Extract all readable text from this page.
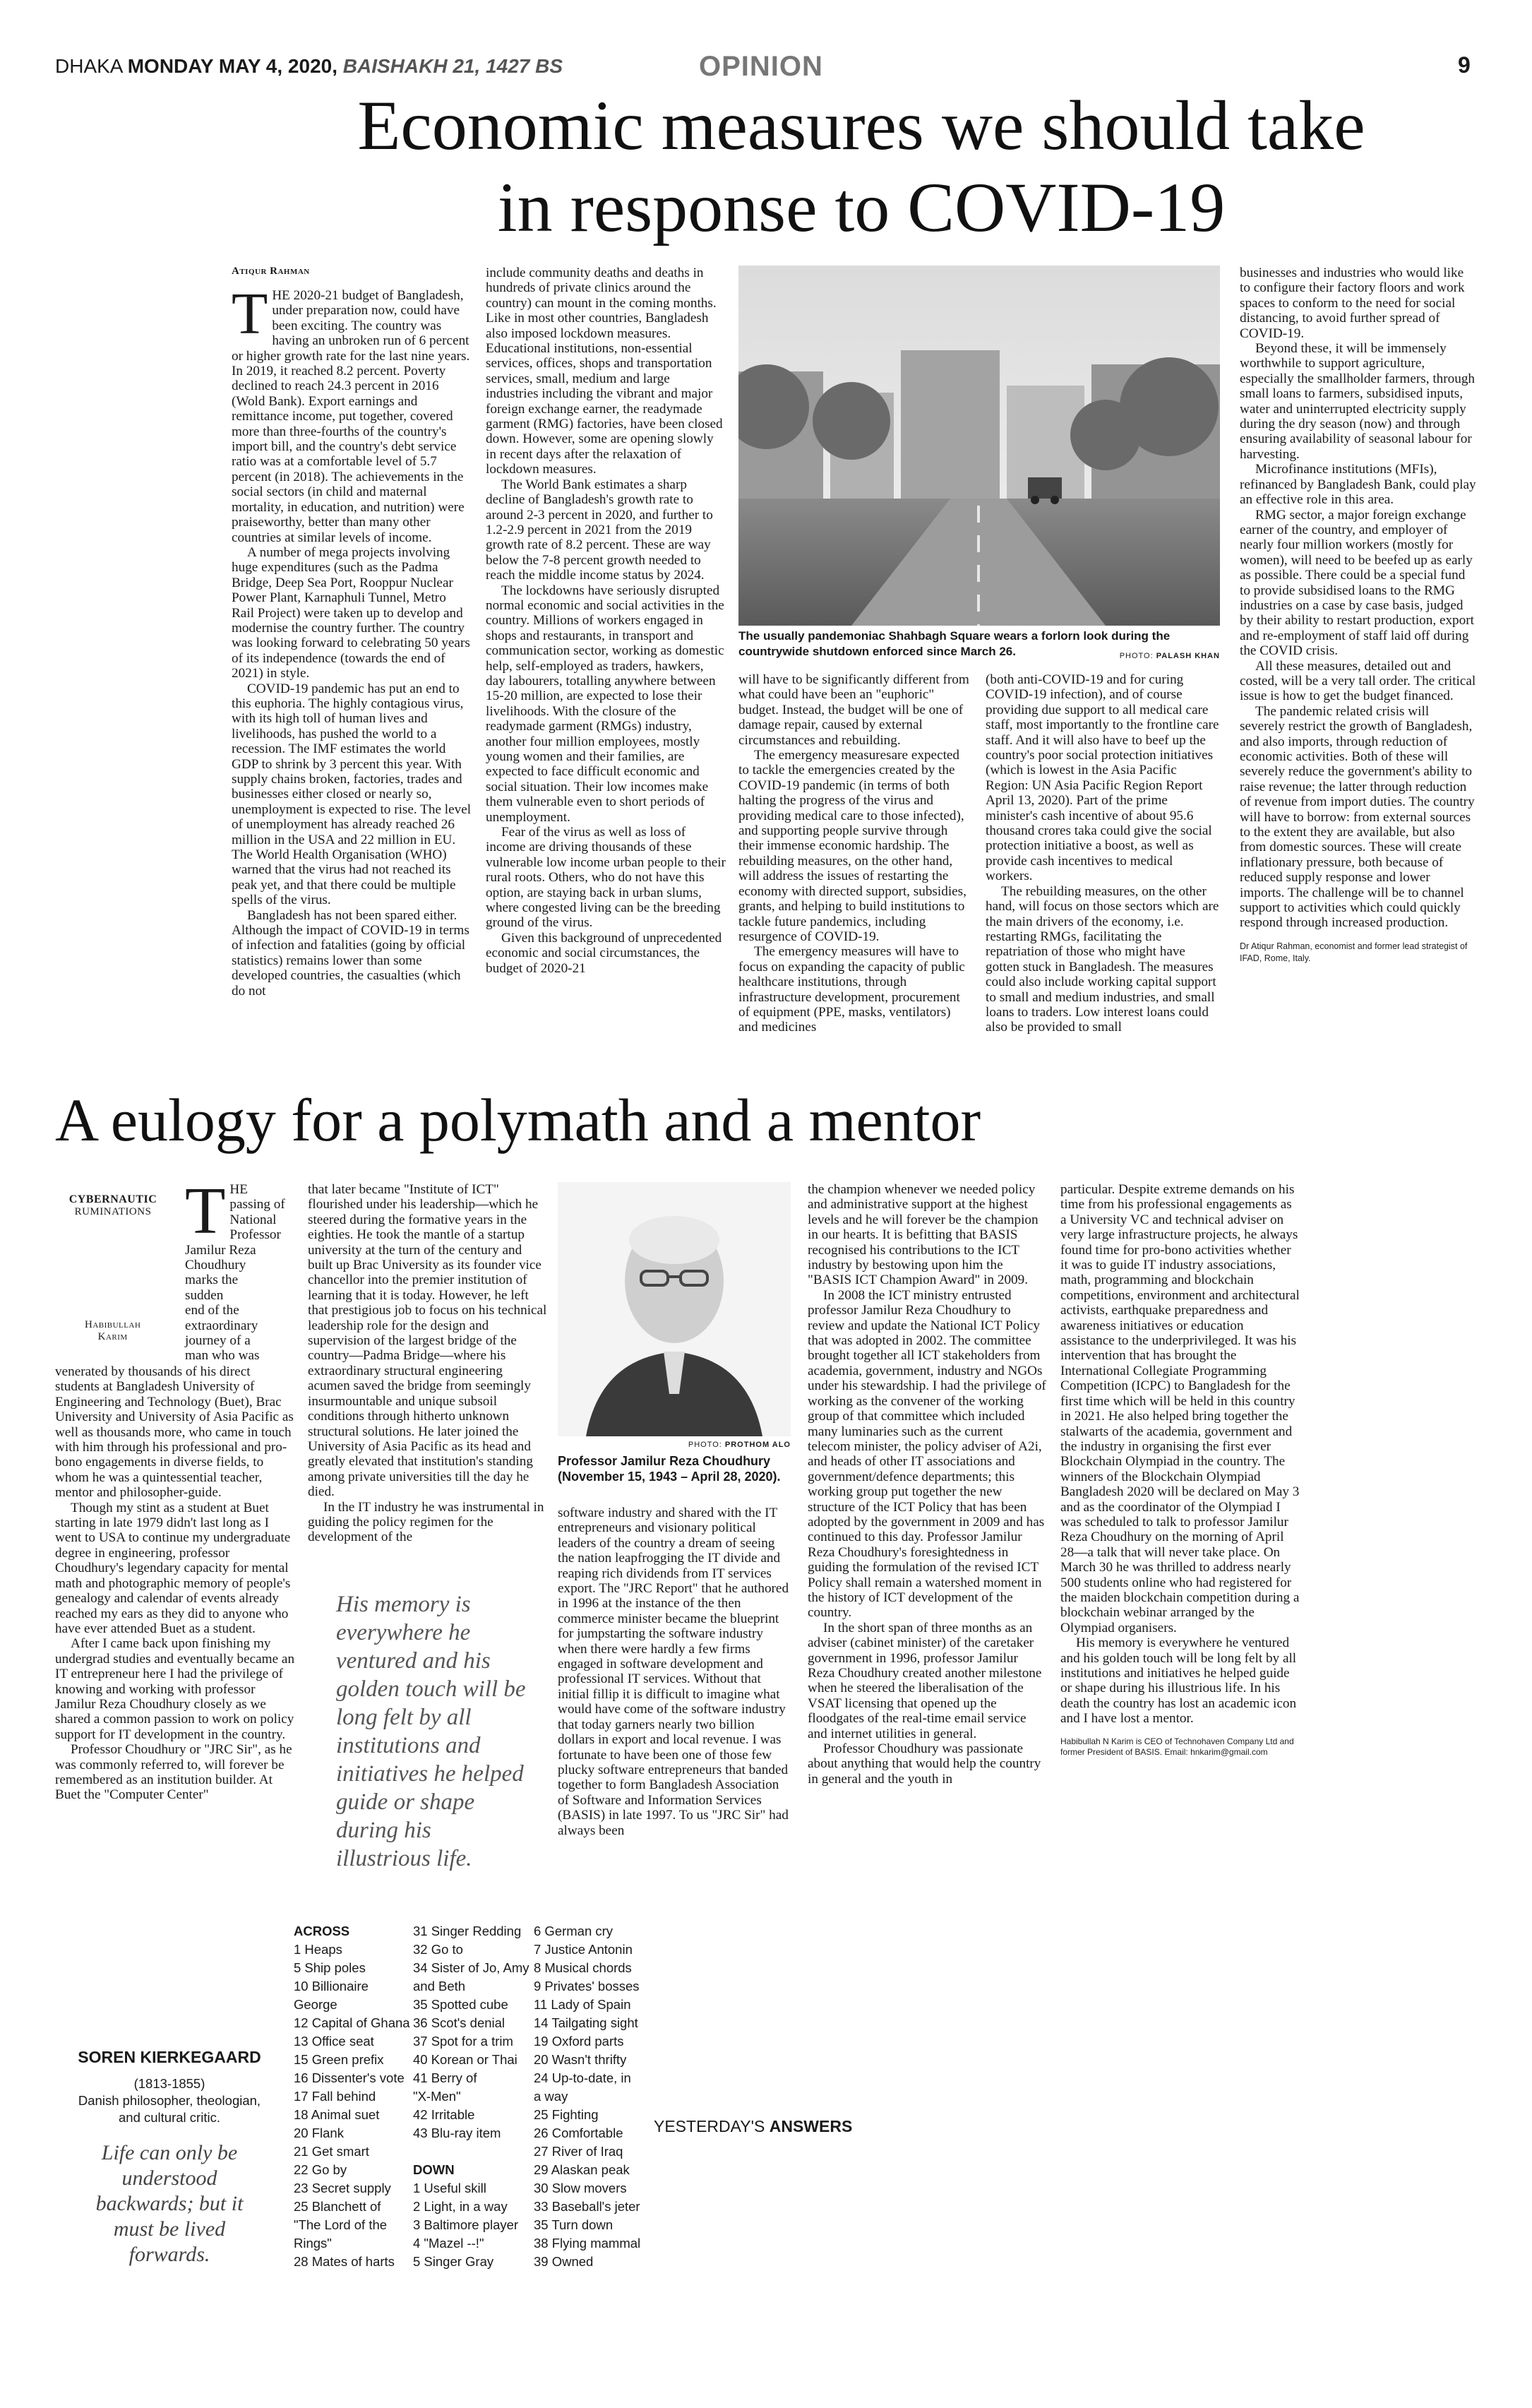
DHAKA MONDAY MAY 4, 2020, BAISHAKH 21, 1427 BS	OPINION	9
Economic measures we should take
in response to COVID-19
Atiqur Rahman

THE 2020-21 budget of Bangladesh, under preparation now, could have been exciting. The country was having an unbroken run of 6 percent or higher growth rate for the last nine years. In 2019, it reached 8.2 percent. Poverty declined to reach 24.3 percent in 2016 (Wold Bank). Export earnings and remittance income, put together, covered more than three-fourths of the country's import bill, and the country's debt service ratio was at a comfortable level of 5.7 percent (in 2018). The achievements in the social sectors (in child and maternal mortality, in education, and nutrition) were praiseworthy, better than many other countries at similar levels of income.

A number of mega projects involving huge expenditures (such as the Padma Bridge, Deep Sea Port, Rooppur Nuclear Power Plant, Karnaphuli Tunnel, Metro Rail Project) were taken up to develop and modernise the country further. The country was looking forward to celebrating 50 years of its independence (towards the end of 2021) in style.

COVID-19 pandemic has put an end to this euphoria. The highly contagious virus, with its high toll of human lives and livelihoods, has pushed the world to a recession. The IMF estimates the world GDP to shrink by 3 percent this year. With supply chains broken, factories, trades and businesses either closed or nearly so, unemployment is expected to rise. The level of unemployment has already reached 26 million in the USA and 22 million in EU. The World Health Organisation (WHO) warned that the virus had not reached its peak yet, and that there could be multiple spells of the virus.

Bangladesh has not been spared either. Although the impact of COVID-19 in terms of infection and fatalities (going by official statistics) remains lower than some developed countries, the casualties (which do not

include community deaths and deaths in hundreds of private clinics around the country) can mount in the coming months. Like in most other countries, Bangladesh also imposed lockdown measures. Educational institutions, non-essential services, offices, shops and transportation services, small, medium and large industries including the vibrant and major foreign exchange earner, the readymade garment (RMG) factories, have been closed down. However, some are opening slowly in recent days after the relaxation of lockdown measures.

The World Bank estimates a sharp decline of Bangladesh's growth rate to around 2-3 percent in 2020, and further to 1.2-2.9 percent in 2021 from the 2019 growth rate of 8.2 percent. These are way below the 7-8 percent growth needed to reach the middle income status by 2024.

The lockdowns have seriously disrupted normal economic and social activities in the country. Millions of workers engaged in shops and restaurants, in transport and communication sector, working as domestic help, self-employed as traders, hawkers, day labourers, totalling anywhere between 15-20 million, are expected to lose their livelihoods. With the closure of the readymade garment (RMGs) industry, another four million employees, mostly young women and their families, are expected to face difficult economic and social situation. Their low incomes make them vulnerable even to short periods of unemployment.

Fear of the virus as well as loss of income are driving thousands of these vulnerable low income urban people to their rural roots. Others, who do not have this option, are staying back in urban slums, where congested living can be the breeding ground of the virus.

Given this background of unprecedented economic and social circumstances, the budget of 2020-21

The usually pandemoniac Shahbagh Square wears a forlorn look during the countrywide shutdown enforced since March 26.	PHOTO: PALASH KHAN

will have to be significantly different from what could have been an "euphoric" budget. Instead, the budget will be one of damage repair, caused by external circumstances and rebuilding.

The emergency measuresare expected to tackle the emergencies created by the COVID-19 pandemic (in terms of both halting the progress of the virus and providing medical care to those infected), and supporting people survive through their immense economic hardship. The rebuilding measures, on the other hand, will address the issues of restarting the economy with directed support, subsidies, grants, and helping to build institutions to tackle future pandemics, including resurgence of COVID-19.

The emergency measures will have to focus on expanding the capacity of public healthcare institutions, through infrastructure development, procurement of equipment (PPE, masks, ventilators) and medicines

(both anti-COVID-19 and for curing COVID-19 infection), and of course providing due support to all medical care staff, most importantly to the frontline care staff. And it will also have to beef up the country's poor social protection initiatives (which is lowest in the Asia Pacific Region: UN Asia Pacific Region Report April 13, 2020). Part of the prime minister's cash incentive of about 95.6 thousand crores taka could give the social protection initiative a boost, as well as provide cash incentives to medical workers.

The rebuilding measures, on the other hand, will focus on those sectors which are the main drivers of the economy, i.e. restarting RMGs, facilitating the repatriation of those who might have gotten stuck in Bangladesh. The measures could also include working capital support to small and medium industries, and small loans to traders. Low interest loans could also be provided to small

businesses and industries who would like to configure their factory floors and work spaces to conform to the need for social distancing, to avoid further spread of COVID-19.

Beyond these, it will be immensely worthwhile to support agriculture, especially the smallholder farmers, through small loans to farmers, subsidised inputs, water and uninterrupted electricity supply during the dry season (now) and through ensuring availability of seasonal labour for harvesting.

Microfinance institutions (MFIs), refinanced by Bangladesh Bank, could play an effective role in this area.

RMG sector, a major foreign exchange earner of the country, and employer of nearly four million workers (mostly for women), will need to be beefed up as early as possible. There could be a special fund to provide subsidised loans to the RMG industries on a case by case basis, judged by their ability to restart production, export and re-employment of staff laid off during the COVID crisis.

All these measures, detailed out and costed, will be a very tall order. The critical issue is how to get the budget financed.

The pandemic related crisis will severely restrict the growth of Bangladesh, and also imports, through reduction of economic activities. Both of these will severely reduce the government's ability to raise revenue; the latter through reduction of revenue from import duties. The country will have to borrow: from external sources to the extent they are available, but also from domestic sources. These will create inflationary pressure, both because of reduced supply response and lower imports. The challenge will be to channel support to activities which could quickly respond through increased production.

Dr Atiqur Rahman, economist and former lead strategist of IFAD, Rome, Italy.
A eulogy for a polymath and a mentor
CYBERNAUTIC
RUMINATIONS
Habibullah
Karim
T HE
passing of
National
Professor
Jamilur Reza
Choudhury
marks the
sudden
end of the
extraordinary
journey of a
man who was

venerated by thousands of his direct students at Bangladesh University of Engineering and Technology (Buet), Brac University and University of Asia Pacific as well as thousands more, who came in touch with him through his professional and pro-bono engagements in diverse fields, to whom he was a quintessential teacher, mentor and philosopher-guide.

Though my stint as a student at Buet starting in late 1979 didn't last long as I went to USA to continue my undergraduate degree in engineering, professor Choudhury's legendary capacity for mental math and photographic memory of people's genealogy and calendar of events already reached my ears as they did to anyone who have ever attended Buet as a student.

After I came back upon finishing my undergrad studies and eventually became an IT entrepreneur here I had the privilege of knowing and working with professor Jamilur Reza Choudhury closely as we shared a common passion to work on policy support for IT development in the country.

Professor Choudhury or "JRC Sir", as he was commonly referred to, will forever be remembered as an institution builder. At Buet the "Computer Center"

that later became "Institute of ICT" flourished under his leadership—which he steered during the formative years in the eighties. He took the mantle of a startup university at the turn of the century and built up Brac University as its founder vice chancellor into the premier institution of learning that it is today. However, he left that prestigious job to focus on his technical leadership role for the design and supervision of the largest bridge of the country—Padma Bridge—where his extraordinary structural engineering acumen saved the bridge from seemingly insurmountable and unique subsoil conditions through hitherto unknown structural solutions. He later joined the University of Asia Pacific as its head and greatly elevated that institution's standing among private universities till the day he died.

In the IT industry he was instrumental in guiding the policy regimen for the development of the

His memory is everywhere he ventured and his golden touch will be long felt by all institutions and initiatives he helped guide or shape during his illustrious life.
PHOTO: PROTHOM ALO
Professor Jamilur Reza Choudhury (November 15, 1943 – April 28, 2020).

software industry and shared with the IT entrepreneurs and visionary political leaders of the country a dream of seeing the nation leapfrogging the IT divide and reaping rich dividends from IT services export. The "JRC Report" that he authored in 1996 at the instance of the then commerce minister became the blueprint for jumpstarting the software industry when there were hardly a few firms engaged in software development and professional IT services. Without that initial fillip it is difficult to imagine what would have come of the software industry that today garners nearly two billion dollars in export and local revenue. I was fortunate to have been one of those few plucky software entrepreneurs that banded together to form Bangladesh Association of Software and Information Services (BASIS) in late 1997. To us "JRC Sir" had always been

the champion whenever we needed policy and administrative support at the highest levels and he will forever be the champion in our hearts. It is befitting that BASIS recognised his contributions to the ICT industry by bestowing upon him the "BASIS ICT Champion Award" in 2009.

In 2008 the ICT ministry entrusted professor Jamilur Reza Choudhury to review and update the National ICT Policy that was adopted in 2002. The committee brought together all ICT stakeholders from academia, government, industry and NGOs under his stewardship. I had the privilege of working as the convener of the working group of that committee which included many luminaries such as the current telecom minister, the policy adviser of A2i, and heads of other IT associations and government/defence departments; this working group put together the new structure of the ICT Policy that has been adopted by the government in 2009 and has continued to this day. Professor Jamilur Reza Choudhury's foresightedness in guiding the formulation of the revised ICT Policy shall remain a watershed moment in the history of ICT development of the country.

In the short span of three months as an adviser (cabinet minister) of the caretaker government in 1996, professor Jamilur Reza Choudhury created another milestone when he steered the liberalisation of the VSAT licensing that opened up the floodgates of the real-time email service and internet utilities in general.

Professor Choudhury was passionate about anything that would help the country in general and the youth in

particular. Despite extreme demands on his time from his professional engagements as a University VC and technical adviser on very large infrastructure projects, he always found time for pro-bono activities whether it was to guide IT industry associations, math, programming and blockchain competitions, environment and architectural activists, earthquake preparedness and awareness initiatives or education assistance to the underprivileged. It was his intervention that has brought the International Collegiate Programming Competition (ICPC) to Bangladesh for the first time which will be held in this country in 2021. He also helped bring together the stalwarts of the academia, government and the industry in organising the first ever Blockchain Olympiad in the country. The winners of the Blockchain Olympiad Bangladesh 2020 will be declared on May 3 and as the coordinator of the Olympiad I was scheduled to talk to professor Jamilur Reza Choudhury on the morning of April 28—a talk that will never take place. On March 30 he was thrilled to address nearly 500 students online who had registered for the maiden blockchain competition during a blockchain webinar arranged by the Olympiad organisers.

His memory is everywhere he ventured and his golden touch will be long felt by all institutions and initiatives he helped guide or shape during his illustrious life. In his death the country has lost an academic icon and I have lost a mentor.

Habibullah N Karim is CEO of Technohaven Company Ltd and former President of BASIS. Email: hnkarim@gmail.com
SOREN KIERKEGAARD
(1813-1855)
Danish philosopher, theologian,
and cultural critic.
Life can only be understood backwards; but it must be lived forwards.
ACROSS
1 Heaps
5 Ship poles
10 Billionaire
George
12 Capital of Ghana
13 Office seat
15 Green prefix
16 Dissenter's vote
17 Fall behind
18 Animal suet
20 Flank
21 Get smart
22 Go by
23 Secret supply
25 Blanchett of
"The Lord of the
Rings"
28 Mates of harts
31 Singer Redding
32 Go to
34 Sister of Jo, Amy
and Beth
35 Spotted cube
36 Scot's denial
37 Spot for a trim
40 Korean or Thai
41 Berry of
"X-Men"
42 Irritable
43 Blu-ray item
DOWN
1 Useful skill
2 Light, in a way
3 Baltimore player
4 "Mazel --!"
5 Singer Gray
6 German cry
7 Justice Antonin
8 Musical chords
9 Privates' bosses
11 Lady of Spain
14 Tailgating sight
19 Oxford parts
20 Wasn't thrifty
24 Up-to-date, in
a way
25 Fighting
26 Comfortable
27 River of Iraq
29 Alaskan peak
30 Slow movers
33 Baseball's jeter
35 Turn down
38 Flying mammal
39 Owned
YESTERDAY'S ANSWERS
